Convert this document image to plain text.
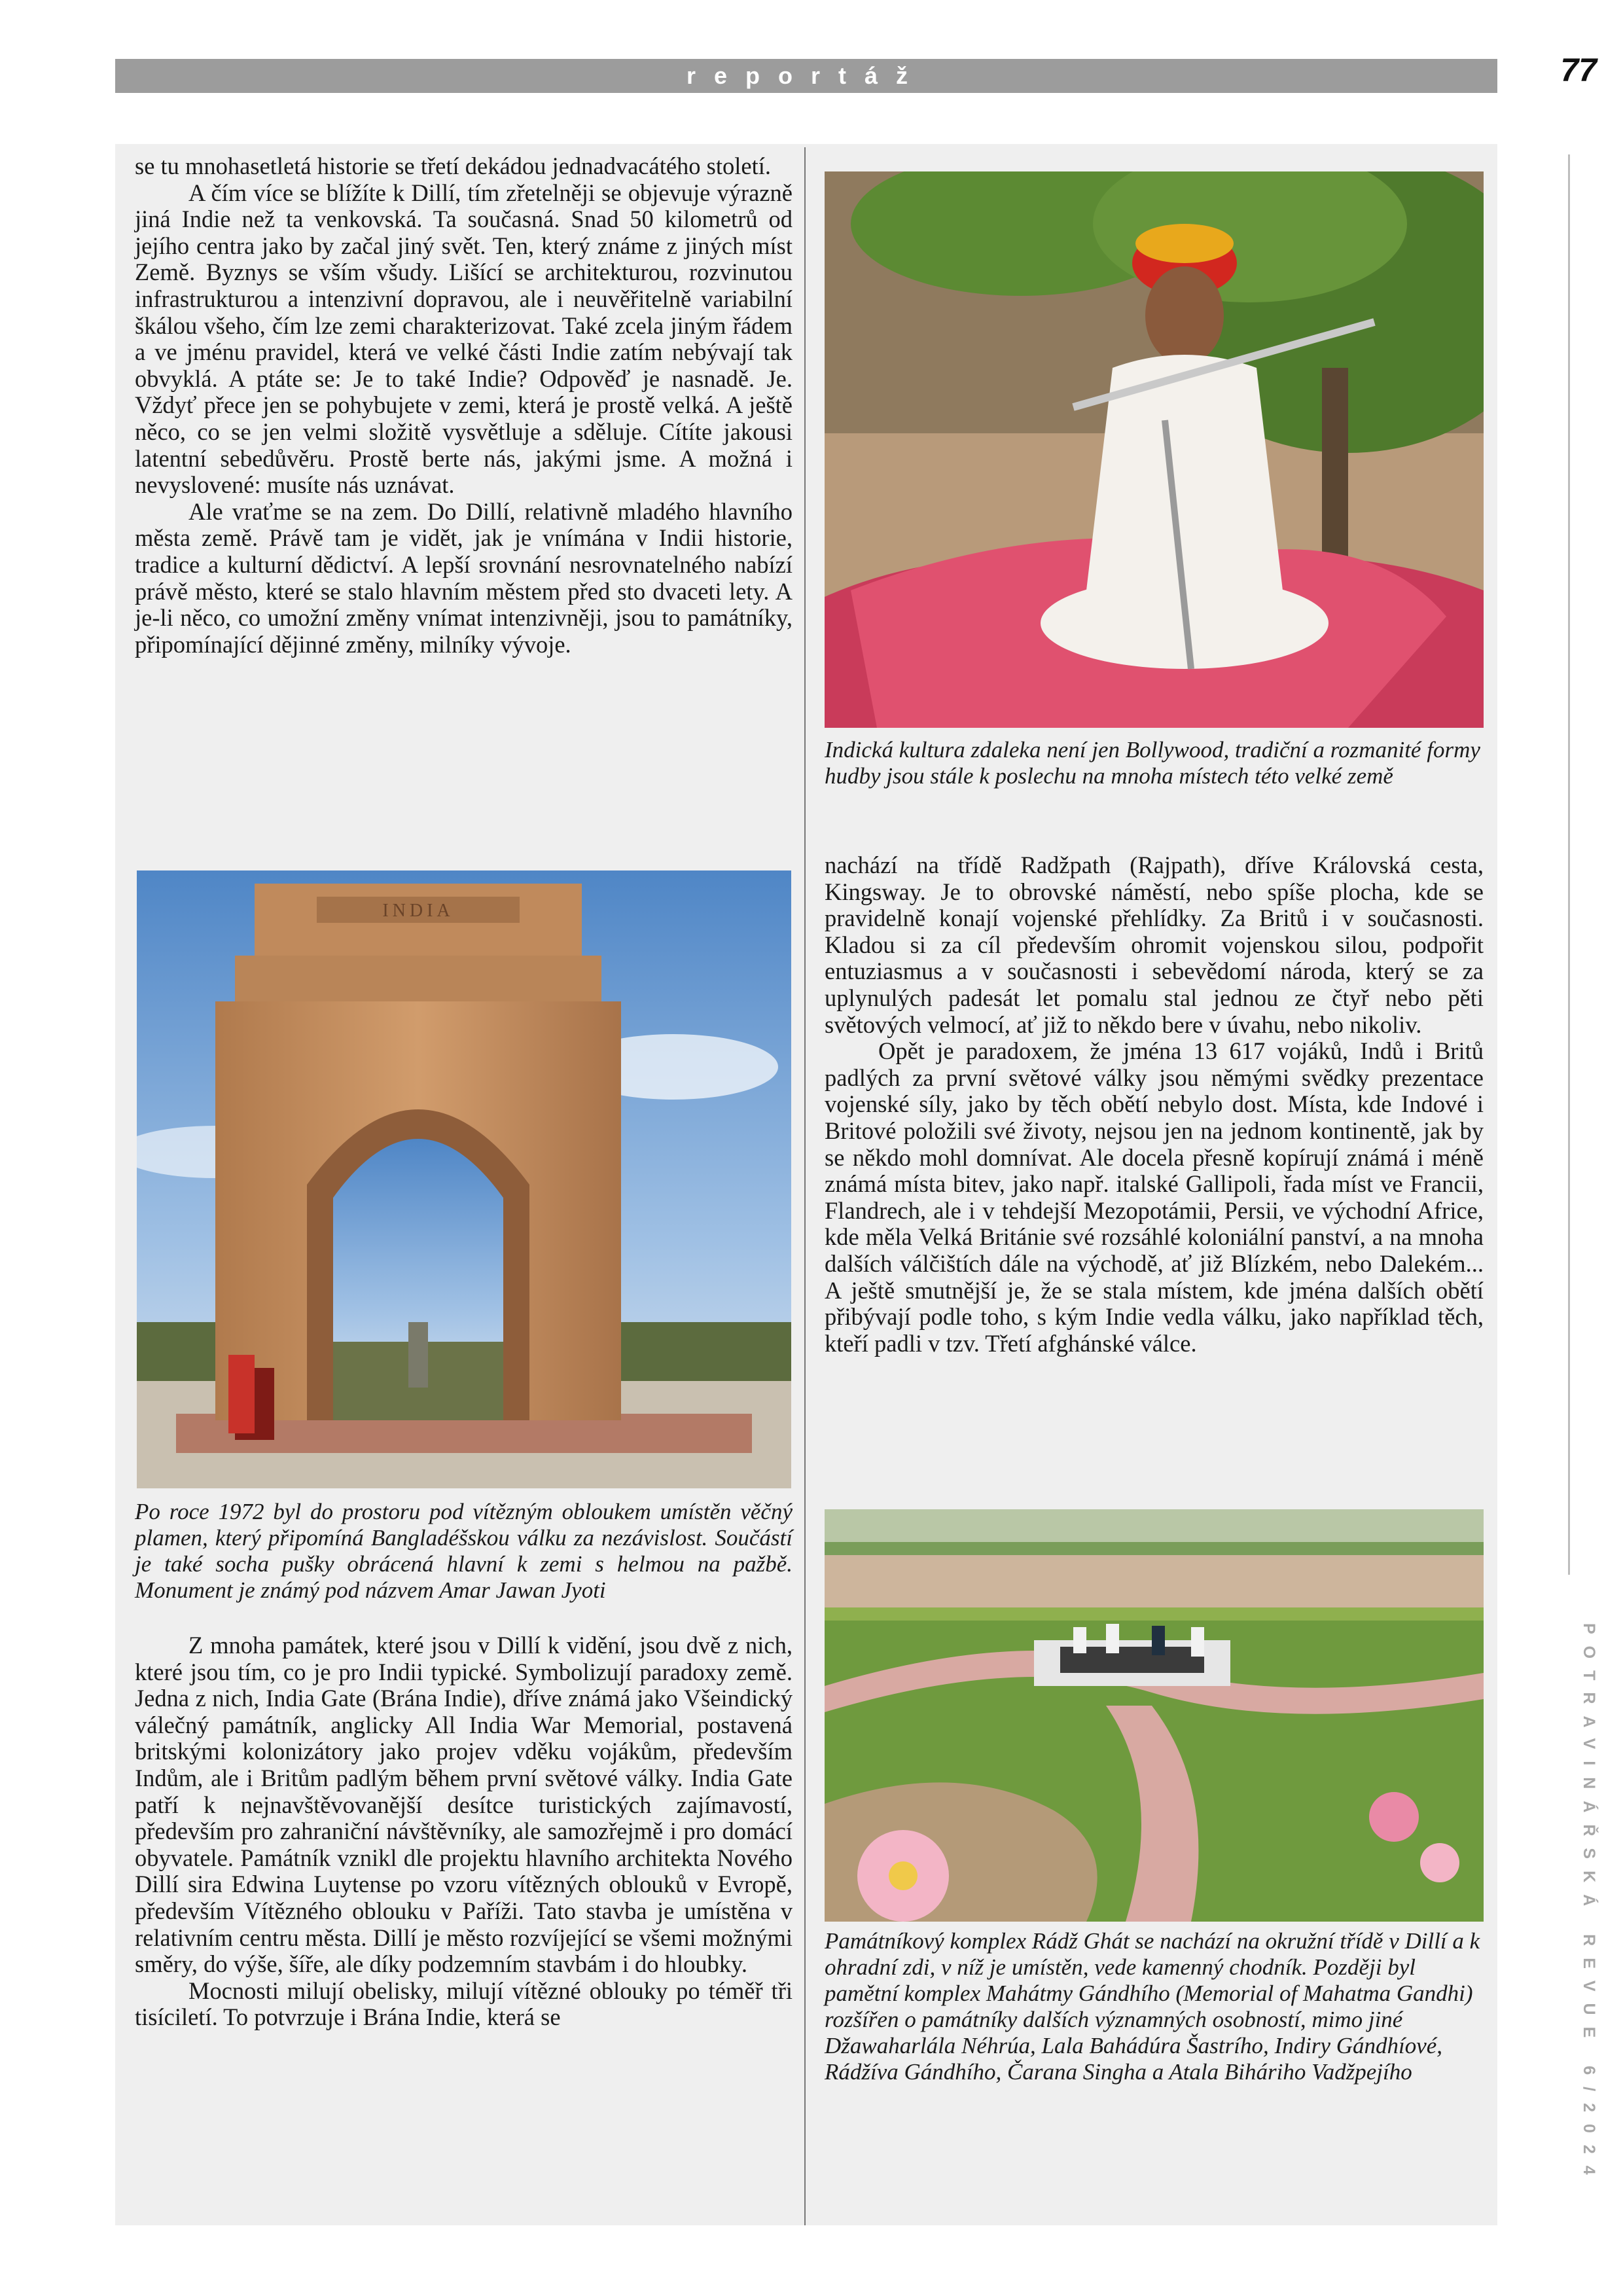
reportáž	77
POTRAVINÁŘSKÁ REVUE 6/2024

se tu mnohasetletá historie se třetí dekádou jednadvacátého století.

A čím více se blížíte k Dillí, tím zřetelněji se objevuje výrazně jiná Indie než ta venkovská. Ta současná. Snad 50 kilometrů od jejího centra jako by začal jiný svět. Ten, který známe z jiných míst Země. Byznys se vším všudy. Lišící se architekturou, rozvinutou infrastrukturou a intenzivní dopravou, ale i neuvěřitelně variabilní škálou všeho, čím lze zemi charakterizovat. Také zcela jiným řádem a ve jménu pravidel, která ve velké části Indie zatím nebývají tak obvyklá. A ptáte se: Je to také Indie? Odpověď je nasnadě. Je. Vždyť přece jen se pohybujete v zemi, která je prostě velká. A ještě něco, co se jen velmi složitě vysvětluje a sděluje. Cítíte jakousi latentní sebedůvěru. Prostě berte nás, jakými jsme. A možná i nevyslovené: musíte nás uznávat.

Ale vraťme se na zem. Do Dillí, relativně mladého hlavního města země. Právě tam je vidět, jak je vnímána v Indii historie, tradice a kulturní dědictví. A lepší srovnání nesrovnatelného nabízí právě město, které se stalo hlavním městem před sto dvaceti lety. A je-li něco, co umožní změny vnímat intenzivněji, jsou to památníky, připomínající dějinné změny, milníky vývoje.

INDIA
Po roce 1972 byl do prostoru pod vítězným obloukem umístěn věčný plamen, který připomíná Bangladéšskou válku za nezávislost. Součástí je také socha pušky obrácená hlavní k zemi s helmou na pažbě. Monument je známý pod názvem Amar Jawan Jyoti

Z mnoha památek, které jsou v Dillí k vidění, jsou dvě z nich, které jsou tím, co je pro Indii typické. Symbolizují paradoxy země. Jedna z nich, India Gate (Brána Indie), dříve známá jako Všeindický válečný památník, anglicky All India War Memorial, postavená britskými kolonizátory jako projev vděku vojákům, především Indům, ale i Britům padlým během první světové války. India Gate patří k nejnavštěvovanější desítce turistických zajímavostí, především pro zahraniční návštěvníky, ale samozřejmě i pro domácí obyvatele. Památník vznikl dle projektu hlavního architekta Nového Dillí sira Edwina Luytense po vzoru vítězných oblouků v Evropě, především Vítězného oblouku v Paříži. Tato stavba je umístěna v relativním centru města. Dillí je město rozvíjející se všemi možnými směry, do výše, šíře, ale díky podzemním stavbám i do hloubky.

Mocnosti milují obelisky, milují vítězné oblouky po téměř tři tisíciletí. To potvrzuje i Brána Indie, která se

Indická kultura zdaleka není jen Bollywood, tradiční a rozmanité formy hudby jsou stále k poslechu na mnoha místech této velké země

nachází na třídě Radžpath (Rajpath), dříve Královská cesta, Kingsway. Je to obrovské náměstí, nebo spíše plocha, kde se pravidelně konají vojenské přehlídky. Za Britů i v současnosti. Kladou si za cíl především ohromit vojenskou silou, podpořit entuziasmus a v současnosti i sebevědomí národa, který se za uplynulých padesát let pomalu stal jednou ze čtyř nebo pěti světových velmocí, ať již to někdo bere v úvahu, nebo nikoliv.

Opět je paradoxem, že jména 13 617 vojáků, Indů i Britů padlých za první světové války jsou němými svědky prezentace vojenské síly, jako by těch obětí nebylo dost. Místa, kde Indové i Britové položili své životy, nejsou jen na jednom kontinentě, jak by se někdo mohl domnívat. Ale docela přesně kopírují známá i méně známá místa bitev, jako např. italské Gallipoli, řada míst ve Francii, Flandrech, ale i v tehdejší Mezopotámii, Persii, ve východní Africe, kde měla Velká Británie své rozsáhlé koloniální panství, a na mnoha dalších válčištích dále na východě, ať již Blízkém, nebo Dalekém... A ještě smutnější je, že se stala místem, kde jména dalších obětí přibývají podle toho, s kým Indie vedla válku, jako například těch, kteří padli v tzv. Třetí afghánské válce.

Památníkový komplex Rádž Ghát se nachází na okružní třídě v Dillí a k ohradní zdi, v níž je umístěn, vede kamenný chodník. Později byl pamětní komplex Mahátmy Gándhího (Memorial of Mahatma Gandhi) rozšířen o památníky dalších významných osobností, mimo jiné Džawaharlála Néhrúa, Lala Bahádúra Šastrího, Indiry Gándhíové, Rádžíva Gándhího, Čarana Singha a Atala Biháriho Vadžpejího
